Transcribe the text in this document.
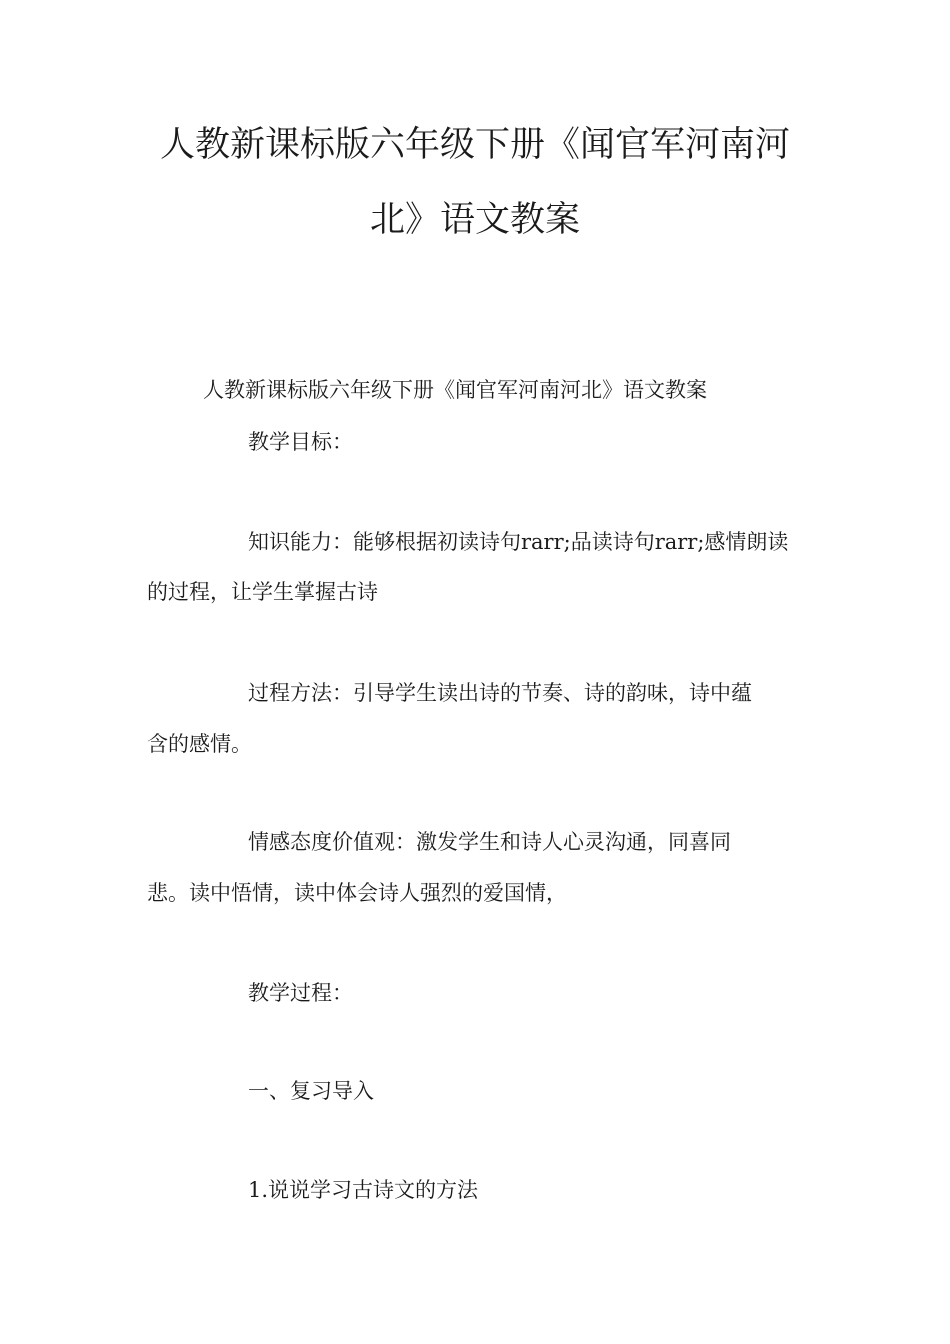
人教新课标版六年级下册《闻官军河南河
北》语文教案

人教新课标版六年级下册《闻官军河南河北》语文教案

教学目标：

知识能力：能够根据初读诗句rarr;品读诗句rarr;感情朗读

的过程，让学生掌握古诗

过程方法：引导学生读出诗的节奏、诗的韵味，诗中蕴

含的感情。

情感态度价值观：激发学生和诗人心灵沟通，同喜同

悲。读中悟情，读中体会诗人强烈的爱国情，

教学过程：

一、复习导入

1.说说学习古诗文的方法
